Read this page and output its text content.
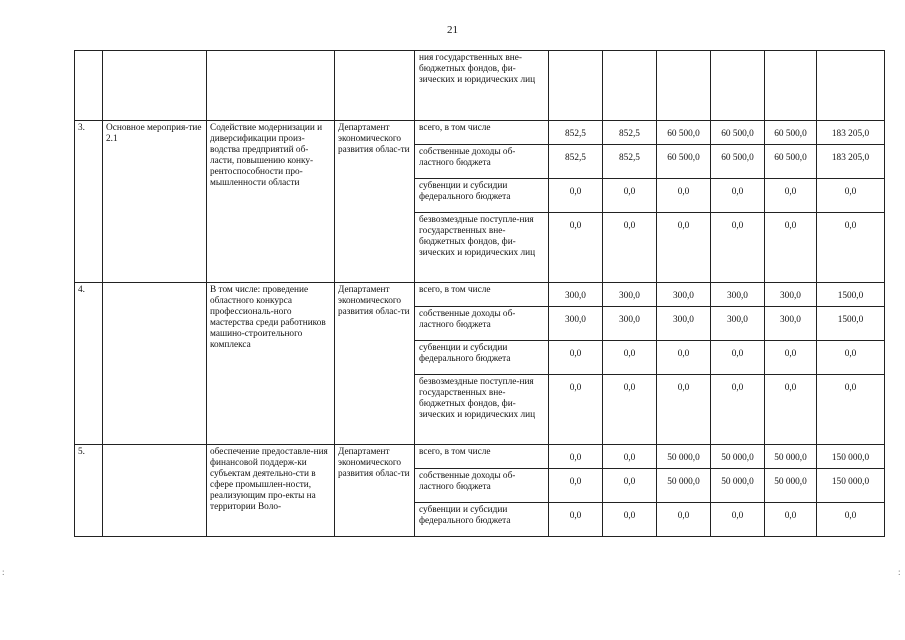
21
				ния государственных вне-бюджетных фондов, фи-зических и юридических лиц						
3.	Основное мероприя-тие 2.1	Содействие модернизации и диверсификации произ-водства предприятий об-ласти, повышению конку-рентоспособности про-мышленности области	Департамент экономического развития облас-ти	всего, в том числе	852,5	852,5	60 500,0	60 500,0	60 500,0	183 205,0
				собственные доходы об-ластного бюджета	852,5	852,5	60 500,0	60 500,0	60 500,0	183 205,0
				субвенции и субсидии федерального бюджета	0,0	0,0	0,0	0,0	0,0	0,0
				безвозмездные поступле-ния государственных вне-бюджетных фондов, фи-зических и юридических лиц	0,0	0,0	0,0	0,0	0,0	0,0
4.		В том числе: проведение областного конкурса профессиональ-ного мастерства среди работников машино-строительного комплекса	Департамент экономического развития облас-ти	всего, в том числе	300,0	300,0	300,0	300,0	300,0	1500,0
				собственные доходы об-ластного бюджета	300,0	300,0	300,0	300,0	300,0	1500,0
				субвенции и субсидии федерального бюджета	0,0	0,0	0,0	0,0	0,0	0,0
				безвозмездные поступле-ния государственных вне-бюджетных фондов, фи-зических и юридических лиц	0,0	0,0	0,0	0,0	0,0	0,0
5.		обеспечение предоставле-ния финансовой поддерж-ки субъектам деятельно-сти в сфере промышлен-ности, реализующим про-екты на территории Воло-	Департамент экономического развития облас-ти	всего, в том числе	0,0	0,0	50 000,0	50 000,0	50 000,0	150 000,0
				собственные доходы об-ластного бюджета	0,0	0,0	50 000,0	50 000,0	50 000,0	150 000,0
				субвенции и субсидии федерального бюджета	0,0	0,0	0,0	0,0	0,0	0,0
:	:
